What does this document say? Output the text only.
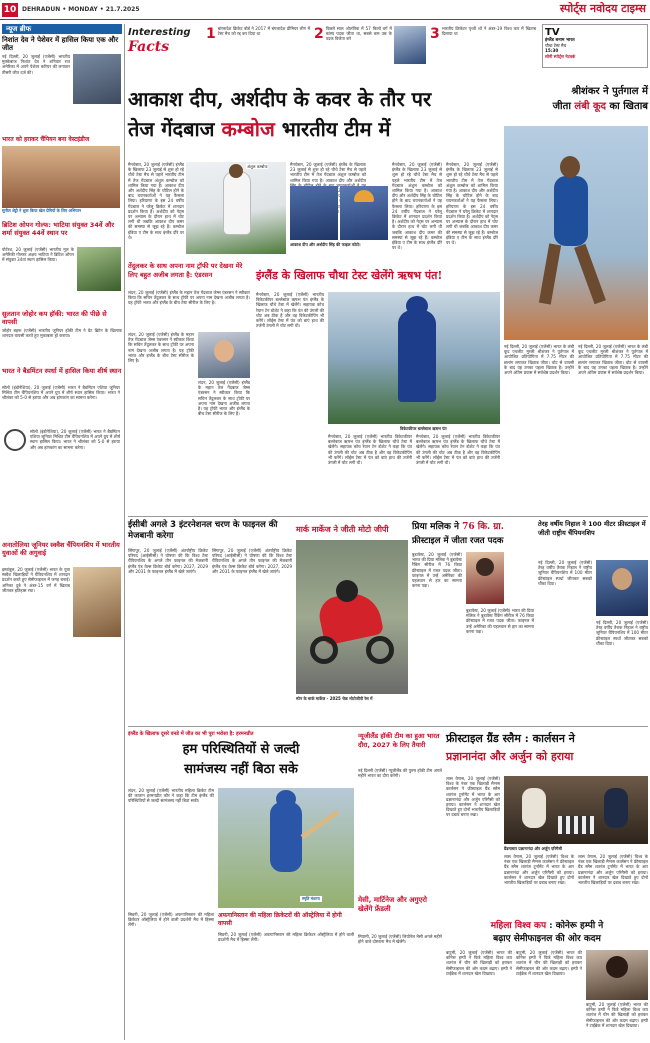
10 DEHRADUN • MONDAY • 21.7.2025	स्पोर्ट्स नवोदय टाइम्स
न्यूज ब्रीफ
निशांत देव ने पेशेवर में हासिल किया एक और जीत
नई दिल्ली, 20 जुलाई (एजेंसी) भारतीय मुक्केबाज निशांत देव ने शनिवार रात अमेरिका में अपने पेशेवर करियर की लगातार तीसरी जीत दर्ज की।
भारत को हराकर चैंपियन बना वेस्टइंडीज
सुनील शेट्टी ने शुरू किया खेल प्रेमियों के लिए अभियान
ब्रिटिश ओपन गोल्फ: भाटिया संयुक्त 34वें और शर्मा संयुक्त 44वें स्थान पर
पोर्टरश, 20 जुलाई (एजेंसी) भारतीय मूल के अमेरिकी गोल्फर अक्षय भाटिया ने ब्रिटिश ओपन में संयुक्त 34वां स्थान हासिल किया।
सुलतान जोहोर कप हॉकी: भारत की पीछे से वापसी
जोहोर बहरू (एजेंसी) भारतीय जूनियर हॉकी टीम ने ग्रेट ब्रिटेन के खिलाफ शानदार वापसी करते हुए मुकाबला ड्रॉ कराया।
भारत ने बैडमिंटन स्पर्धा में हासिल किया शीर्ष स्थान
सोलो (इंडोनेशिया), 20 जुलाई (एजेंसी) भारत ने बैडमिंटन एशिया जूनियर मिश्रित टीम चैंपियनशिप में अपने ग्रुप में शीर्ष स्थान हासिल किया। भारत ने श्रीलंका को 5-0 से हराया और अब हांगकांग का सामना करेगा।
सोलो (इंडोनेशिया), 20 जुलाई (एजेंसी) भारत ने बैडमिंटन एशिया जूनियर मिश्रित टीम चैंपियनशिप में अपने ग्रुप में शीर्ष स्थान हासिल किया। भारत ने श्रीलंका को 5-0 से हराया और अब हांगकांग का सामना करेगा।
अनातोलिया जूनियर स्क्वैश चैंपियनशिप में भारतीय युवाओं की अगुवाई
इस्तांबुल, 20 जुलाई (एजेंसी) भारत के युवा स्क्वैश खिलाड़ियों ने चैंपियनशिप में शानदार प्रदर्शन करते हुए सेमीफाइनल में जगह बनाई। अनिका दुबे ने अंडर-15 वर्ग में खिताब जीतकर इतिहास रचा।
Interesting
Facts
1 बांग्लादेश क्रिकेट बोर्ड ने 2017 में बंगलादेश प्रीमियर लीग में टेस्ट मैच को रद्द कर दिया था	2 पिछले साल ओलंपिक में 57 किलो वर्ग में कांस्य पदक जीता था, सबसे कम उम्र के पदक विजेता बने	3 भारतीय क्रिकेटर पृथ्वी शॉ ने अंडर-19 विश्व कप में खिताब दिलाया था	TV
इंग्लैंड बनाम भारत
चौथा टेस्ट मैच
15:30
सोनी स्पोर्ट्स नेटवर्क
आकाश दीप, अर्शदीप के कवर के तौर पर
तेज गेंदबाज कम्बोज भारतीय टीम में
अंशुल कम्बोज
मैनचेस्टर, 20 जुलाई (एजेंसी) इंग्लैंड के खिलाफ 23 जुलाई से शुरू हो रहे चौथे टेस्ट मैच से पहले भारतीय टीम में तेज गेंदबाज अंशुल कम्बोज को शामिल किया गया है। आकाश दीप और अर्शदीप सिंह के चोटिल होने के बाद चयनकर्ताओं ने यह फैसला लिया। हरियाणा के इस 24 वर्षीय गेंदबाज ने घरेलू क्रिकेट में शानदार प्रदर्शन किया है। अर्शदीप को नेट्स पर अभ्यास के दौरान हाथ में चोट लगी थी जबकि आकाश दीप कमर की समस्या से जूझ रहे हैं। कम्बोज इंडिया ए टीम के साथ इंग्लैंड दौरे पर थे।
मैनचेस्टर, 20 जुलाई (एजेंसी) इंग्लैंड के खिलाफ 23 जुलाई से शुरू हो रहे चौथे टेस्ट मैच से पहले भारतीय टीम में तेज गेंदबाज अंशुल कम्बोज को शामिल किया गया है। आकाश दीप और अर्शदीप
आकाश दीप और अर्शदीप सिंह की फाइल फोटो।
मैनचेस्टर, 20 जुलाई (एजेंसी) इंग्लैंड के खिलाफ 23 जुलाई से शुरू हो रहे चौथे टेस्ट मैच से पहले भारतीय टीम में तेज गेंदबाज अंशुल कम्बोज को शामिल किया गया है। आकाश दीप और अर्शदीप सिंह के चोटिल होने के बाद चयनकर्ताओं ने यह फैसला लिया। हरियाणा के इस 24 वर्षीय गेंदबाज ने घरेलू क्रिकेट में शानदार प्रदर्शन किया है। अर्शदीप को नेट्स पर अभ्यास के दौरान हाथ में चोट लगी थी जबकि आकाश दीप कमर की समस्या से जूझ रहे हैं। कम्बोज इंडिया ए टीम के साथ इंग्लैंड दौरे पर थे।
मैनचेस्टर, 20 जुलाई (एजेंसी) इंग्लैंड के खिलाफ 23 जुलाई से शुरू हो रहे चौथे टेस्ट मैच से पहले भारतीय टीम में तेज गेंदबाज अंशुल कम्बोज को शामिल किया गया है। आकाश दीप और अर्शदीप सिंह के चोटिल होने के बाद चयनकर्ताओं ने यह फैसला लिया। हरियाणा के इस 24 वर्षीय गेंदबाज ने घरेलू क्रिकेट में शानदार प्रदर्शन किया है। अर्शदीप को नेट्स पर अभ्यास के दौरान हाथ में चोट लगी थी जबकि आकाश दीप कमर की समस्या से जूझ रहे हैं। कम्बोज इंडिया ए टीम के साथ इंग्लैंड दौरे पर थे।
तेंदुलकर के साथ अपना नाम ट्रॉफी पर देखना मेरे लिए बहुत अजीब लगता है: एंडरसन
लंदन, 20 जुलाई (एजेंसी) इंग्लैंड के महान तेज गेंदबाज जेम्स एंडरसन ने स्वीकार किया कि सचिन तेंदुलकर के साथ ट्रॉफी पर अपना नाम देखना अजीब लगता है। यह ट्रॉफी भारत और इंग्लैंड के बीच टेस्ट सीरीज के लिए है।
लंदन, 20 जुलाई (एजेंसी) इंग्लैंड के महान तेज गेंदबाज जेम्स एंडरसन ने स्वीकार किया कि सचिन तेंदुलकर के साथ ट्रॉफी पर अपना नाम देखना अजीब लगता है। यह ट्रॉफी भारत और इंग्लैंड के बीच टेस्ट सीरीज के लिए है।
लंदन, 20 जुलाई (एजेंसी) इंग्लैंड के महान तेज गेंदबाज जेम्स एंडरसन ने स्वीकार किया कि सचिन तेंदुलकर के साथ ट्रॉफी पर अपना नाम देखना अजीब लगता है। यह ट्रॉफी भारत और इंग्लैंड के बीच टेस्ट सीरीज के लिए है।
इंग्लैंड के खिलाफ चौथा टेस्ट खेलेंगे ऋषभ पंत!
मैनचेस्टर, 20 जुलाई (एजेंसी) भारतीय विकेटकीपर बल्लेबाज ऋषभ पंत इंग्लैंड के खिलाफ चौथे टेस्ट में खेलेंगे। सहायक कोच रेयान टेन डोशेट ने कहा कि पंत की उंगली की चोट अब ठीक है और वह विकेटकीपिंग भी करेंगे। लॉर्ड्स टेस्ट में पंत को बाएं हाथ की तर्जनी उंगली में चोट लगी थी।
विकेटकीपर बल्लेबाज ऋषभ पंत
मैनचेस्टर, 20 जुलाई (एजेंसी) भारतीय विकेटकीपर बल्लेबाज ऋषभ पंत इंग्लैंड के खिलाफ चौथे टेस्ट में खेलेंगे। सहायक कोच रेयान टेन डोशेट ने कहा कि पंत की उंगली की चोट अब ठीक है और वह विकेटकीपिंग भी करेंगे। लॉर्ड्स टेस्ट में पंत को बाएं हाथ की तर्जनी उंगली में चोट लगी थी।
मैनचेस्टर, 20 जुलाई (एजेंसी) भारतीय विकेटकीपर बल्लेबाज ऋषभ पंत इंग्लैंड के खिलाफ चौथे टेस्ट में खेलेंगे। सहायक कोच रेयान टेन डोशेट ने कहा कि पंत की उंगली की चोट अब ठीक है और वह विकेटकीपिंग भी करेंगे। लॉर्ड्स टेस्ट में पंत को बाएं हाथ की तर्जनी उंगली में चोट लगी थी।
श्रीशंकर ने पुर्तगाल में
जीता लंबी कूद का खिताब
नई दिल्ली, 20 जुलाई (एजेंसी) भारत के लंबी कूद एथलीट मुरली श्रीशंकर ने पुर्तगाल में आयोजित प्रतियोगिता में 7.75 मीटर की छलांग लगाकर खिताब जीता। चोट से वापसी के बाद यह उनका पहला खिताब है। उन्होंने अपने अंतिम प्रयास में सर्वश्रेष्ठ प्रदर्शन किया।
नई दिल्ली, 20 जुलाई (एजेंसी) भारत के लंबी कूद एथलीट मुरली श्रीशंकर ने पुर्तगाल में आयोजित प्रतियोगिता में 7.75 मीटर की छलांग लगाकर खिताब जीता। चोट से वापसी के बाद यह उनका पहला खिताब है। उन्होंने अपने अंतिम प्रयास में सर्वश्रेष्ठ प्रदर्शन किया।
ईसीबी अगले 3 इंटरनेशनल चरण के फाइनल की मेजबानी करेगा
सिंगापुर, 20 जुलाई (एजेंसी) अंतर्राष्ट्रीय क्रिकेट परिषद (आईसीसी) ने घोषणा की कि विश्व टेस्ट चैंपियनशिप के अगले तीन फाइनल की मेजबानी इंग्लैंड एंड वेल्स क्रिकेट बोर्ड करेगा। 2027, 2029 और 2031 के फाइनल इंग्लैंड में खेले जाएंगे।
सिंगापुर, 20 जुलाई (एजेंसी) अंतर्राष्ट्रीय क्रिकेट परिषद (आईसीसी) ने घोषणा की कि विश्व टेस्ट चैंपियनशिप के अगले तीन फाइनल की मेजबानी इंग्लैंड एंड वेल्स क्रिकेट बोर्ड करेगा। 2027, 2029 और 2031 के फाइनल इंग्लैंड में खेले जाएंगे।
मार्क मार्केज ने जीती मोटो जीपी
स्पेन के मार्क मार्केज - 2025 चेक मोटोजीपी रेस में
प्रिया मलिक ने 76 कि. ग्रा.
फ्रीस्टाइल में जीता रजत पदक
बुडापेस्ट, 20 जुलाई (एजेंसी) भारत की प्रिया मलिक ने बुडापेस्ट रैंकिंग सीरीज में 76 किग्रा फ्रीस्टाइल में रजत पदक जीता। फाइनल में उन्हें अमेरिका की पहलवान से हार का सामना करना पड़ा।
बुडापेस्ट, 20 जुलाई (एजेंसी) भारत की प्रिया मलिक ने बुडापेस्ट रैंकिंग सीरीज में 76 किग्रा फ्रीस्टाइल में रजत पदक जीता। फाइनल में उन्हें अमेरिका की पहलवान से हार का सामना करना पड़ा।
तेरह वर्षीय निहाल ने 100 मीटर फ्रीस्टाइल में जीती राष्ट्रीय चैंपियनशिप
नई दिल्ली, 20 जुलाई (एजेंसी) तेरह वर्षीय तैराक निहाल ने राष्ट्रीय जूनियर चैंपियनशिप में 100 मीटर फ्रीस्टाइल स्पर्धा जीतकर सबको चौंका दिया।
नई दिल्ली, 20 जुलाई (एजेंसी) तेरह वर्षीय तैराक निहाल ने राष्ट्रीय जूनियर चैंपियनशिप में 100 मीटर फ्रीस्टाइल स्पर्धा जीतकर सबको चौंका दिया।
इंग्लैंड के खिलाफ दूसरे वनडे में जीत का भी पूरा भरोसा है: हरमनप्रीत
हम परिस्थितियों से जल्दी
सामंजस्य नहीं बिठा सके
लंदन, 20 जुलाई (एजेंसी) भारतीय महिला क्रिकेट टीम की कप्तान हरमनप्रीत कौर ने कहा कि टीम इंग्लैंड की परिस्थितियों से जल्दी सामंजस्य नहीं बिठा सकी।
स्मृति मंधाना
अफगानिस्तान की महिला क्रिकेटरों की ऑस्ट्रेलिया में होगी वापसी
सिडनी, 20 जुलाई (एजेंसी) अफगानिस्तान की महिला क्रिकेटर ऑस्ट्रेलिया में होने वाली प्रदर्शनी मैच में हिस्सा लेंगी।
सिडनी, 20 जुलाई (एजेंसी) अफगानिस्तान की महिला क्रिकेटर ऑस्ट्रेलिया में होने वाली प्रदर्शनी मैच में हिस्सा लेंगी।
न्यूजीलैंड हॉकी टीम का हुआ भारत दौरा, 2027 के लिए तैयारी
नई दिल्ली (एजेंसी) न्यूजीलैंड की पुरुष हॉकी टीम अगले महीने भारत का दौरा करेगी।
मेसी, मार्टिनेज और अगुएरो खेलेंगे फ्रेंडली
मियामी, 20 जुलाई (एजेंसी) लियोनेल मेसी अगले महीने होने वाले दोस्ताना मैच में खेलेंगे।
फ्रीस्टाइल ग्रैंड स्लैम : कार्लसन ने
प्रज्ञानानंदा और अर्जुन को हराया
लास वेगास, 20 जुलाई (एजेंसी) विश्व के नंबर एक खिलाड़ी मैग्नस कार्लसन ने फ्रीस्टाइल ग्रैंड स्लैम शतरंज टूर्नामेंट में भारत के आर प्रज्ञानानंदा और अर्जुन एरिगैसी को हराया। कार्लसन ने शानदार खेल दिखाते हुए दोनों भारतीय खिलाड़ियों पर दबाव बनाए रखा।
ग्रैंडमास्टर प्रज्ञानानंदा और अर्जुन एरिगैसी
लास वेगास, 20 जुलाई (एजेंसी) विश्व के नंबर एक खिलाड़ी मैग्नस कार्लसन ने फ्रीस्टाइल ग्रैंड स्लैम शतरंज टूर्नामेंट में भारत के आर प्रज्ञानानंदा और अर्जुन एरिगैसी को हराया। कार्लसन ने शानदार खेल दिखाते हुए दोनों भारतीय खिलाड़ियों पर दबाव बनाए रखा।
लास वेगास, 20 जुलाई (एजेंसी) विश्व के नंबर एक खिलाड़ी मैग्नस कार्लसन ने फ्रीस्टाइल ग्रैंड स्लैम शतरंज टूर्नामेंट में भारत के आर प्रज्ञानानंदा और अर्जुन एरिगैसी को हराया। कार्लसन ने शानदार खेल दिखाते हुए दोनों भारतीय खिलाड़ियों पर दबाव बनाए रखा।
महिला विश्व कप : कोनेरू हम्पी ने
बढ़ाए सेमीफाइनल की ओर कदम
बाटुमी, 20 जुलाई (एजेंसी) भारत की कोनेरू हम्पी ने फिडे महिला विश्व कप शतरंज में चीन की खिलाड़ी को हराकर सेमीफाइनल की ओर कदम बढ़ाए। हम्पी ने टाईब्रेक में शानदार खेल दिखाया।
बाटुमी, 20 जुलाई (एजेंसी) भारत की कोनेरू हम्पी ने फिडे महिला विश्व कप शतरंज में चीन की खिलाड़ी को हराकर सेमीफाइनल की ओर कदम बढ़ाए। हम्पी ने टाईब्रेक में शानदार खेल दिखाया।
बाटुमी, 20 जुलाई (एजेंसी) भारत की कोनेरू हम्पी ने फिडे महिला विश्व कप शतरंज में चीन की खिलाड़ी को हराकर सेमीफाइनल की ओर कदम बढ़ाए। हम्पी ने टाईब्रेक में शानदार खेल दिखाया।
